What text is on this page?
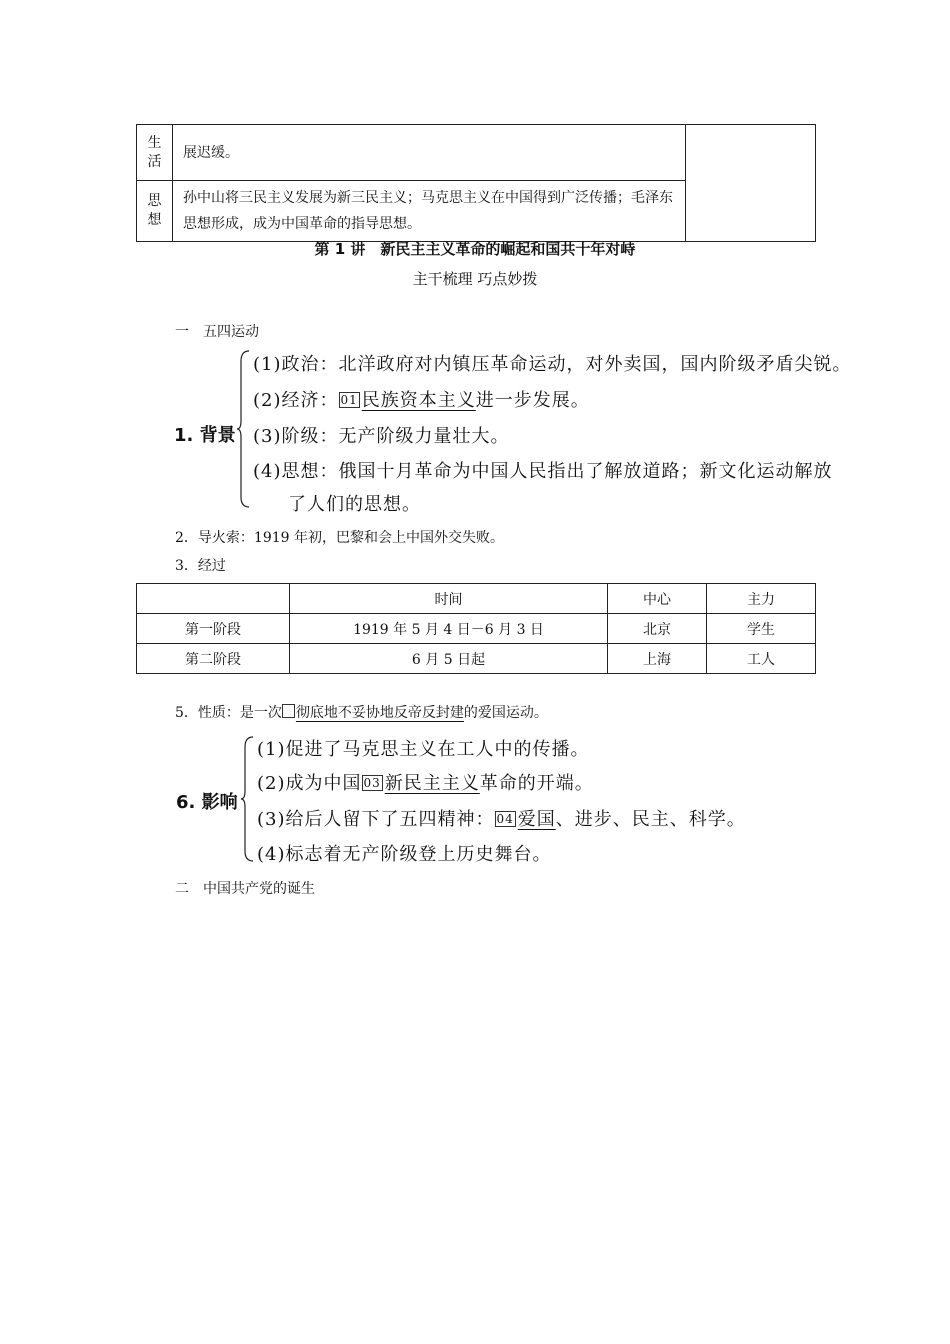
生
活	展迟缓。	
思
想	孙中山将三民主义发展为新三民主义；马克思主义在中国得到广泛传播；毛泽东思想形成，成为中国革命的指导思想。	
第 1 讲　新民主主义革命的崛起和国共十年对峙
主干梳理 巧点妙拨
一　五四运动
1. 背景
(1)政治：北洋政府对内镇压革命运动，对外卖国，国内阶级矛盾尖锐。
(2)经济： 01 民族资本主义进一步发展。
(3)阶级：无产阶级力量壮大。
(4)思想：俄国十月革命为中国人民指出了解放道路；新文化运动解放
了人们的思想。
2．导火索：1919 年初，巴黎和会上中国外交失败。
3．经过
	时间	中心	主力
第一阶段	1919 年 5 月 4 日－6 月 3 日	北京	学生
第二阶段	6 月 5 日起	上海	工人
5．性质：是一次 彻底地不妥协地反帝反封建的爱国运动。
6. 影响
(1)促进了马克思主义在工人中的传播。
(2)成为中国 03 新民主主义革命的开端。
(3)给后人留下了五四精神： 04 爱国、进步、民主、科学。
(4)标志着无产阶级登上历史舞台。
二　中国共产党的诞生
